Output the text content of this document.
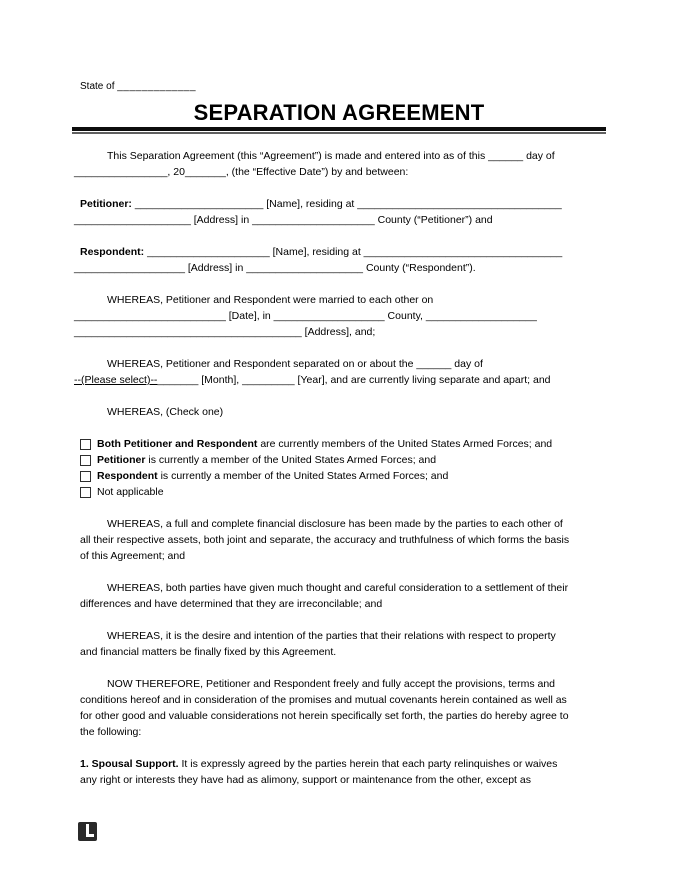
State of _____________
SEPARATION AGREEMENT
This Separation Agreement (this “Agreement”) is made and entered into as of this ______ day of
________________, 20_______, (the “Effective Date”) by and between:
Petitioner: ______________________ [Name], residing at ___________________________________
____________________ [Address] in _____________________ County (“Petitioner”) and
Respondent: _____________________ [Name], residing at __________________________________
___________________ [Address] in ____________________ County (“Respondent”).
WHEREAS, Petitioner and Respondent were married to each other on
__________________________ [Date], in ___________________ County, ___________________
_______________________________________ [Address], and;
WHEREAS, Petitioner and Respondent separated on or about the ______ day of
--(Please select)--_______ [Month], _________ [Year], and are currently living separate and apart; and
WHEREAS, (Check one)
Both Petitioner and Respondent are currently members of the United States Armed Forces; and
Petitioner is currently a member of the United States Armed Forces; and
Respondent is currently a member of the United States Armed Forces; and
Not applicable
WHEREAS, a full and complete financial disclosure has been made by the parties to each other of
all their respective assets, both joint and separate, the accuracy and truthfulness of which forms the basis
of this Agreement; and
WHEREAS, both parties have given much thought and careful consideration to a settlement of their
differences and have determined that they are irreconcilable; and
WHEREAS, it is the desire and intention of the parties that their relations with respect to property
and financial matters be finally fixed by this Agreement.
NOW THEREFORE, Petitioner and Respondent freely and fully accept the provisions, terms and
conditions hereof and in consideration of the promises and mutual covenants herein contained as well as
for other good and valuable considerations not herein specifically set forth, the parties do hereby agree to
the following:
1. Spousal Support. It is expressly agreed by the parties herein that each party relinquishes or waives
any right or interests they have had as alimony, support or maintenance from the other, except as
